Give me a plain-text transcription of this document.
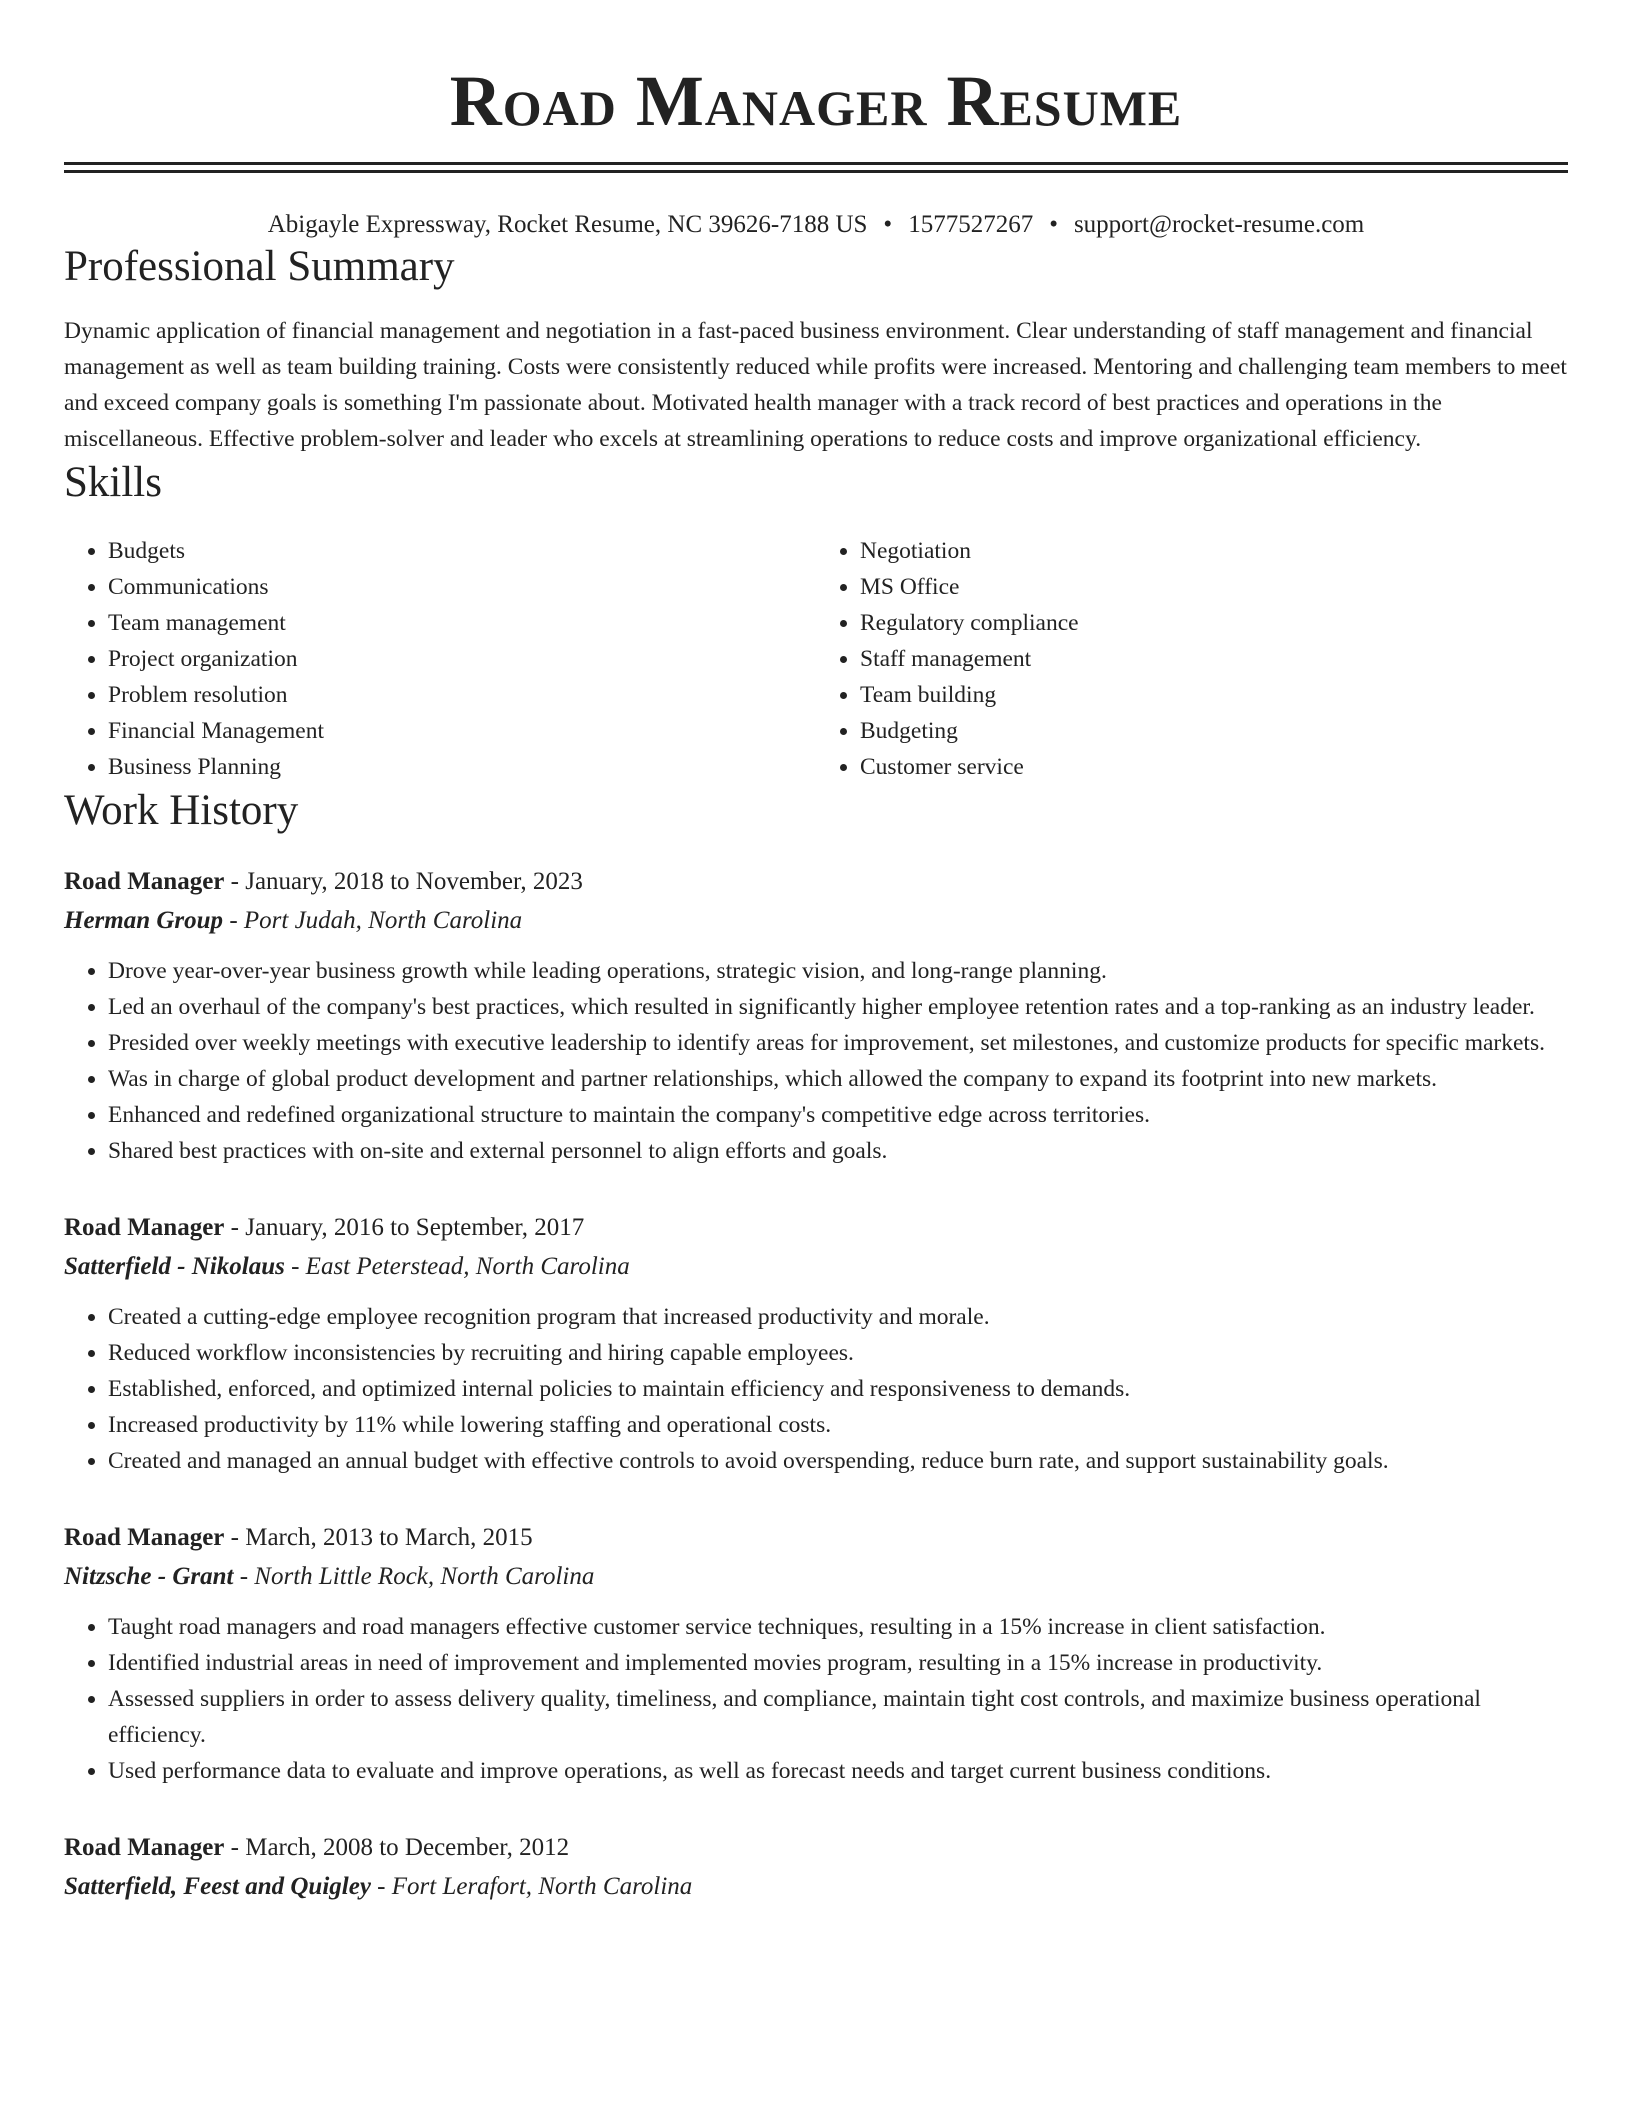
Road Manager Resume
Abigayle Expressway, Rocket Resume, NC 39626-7188 US • 1577527267 • support@rocket-resume.com
Professional Summary

Dynamic application of financial management and negotiation in a fast-paced business environment. Clear understanding of staff management and financial management as well as team building training. Costs were consistently reduced while profits were increased. Mentoring and challenging team members to meet and exceed company goals is something I'm passionate about. Motivated health manager with a track record of best practices and operations in the miscellaneous. Effective problem-solver and leader who excels at streamlining operations to reduce costs and improve organizational efficiency.

Skills
• Budgets
• Communications
• Team management
• Project organization
• Problem resolution
• Financial Management
• Business Planning
• Negotiation
• MS Office
• Regulatory compliance
• Staff management
• Team building
• Budgeting
• Customer service
Work History
Road Manager - January, 2018 to November, 2023
Herman Group - Port Judah, North Carolina
• Drove year-over-year business growth while leading operations, strategic vision, and long-range planning.
• Led an overhaul of the company's best practices, which resulted in significantly higher employee retention rates and a top-ranking as an industry leader.
• Presided over weekly meetings with executive leadership to identify areas for improvement, set milestones, and customize products for specific markets.
• Was in charge of global product development and partner relationships, which allowed the company to expand its footprint into new markets.
• Enhanced and redefined organizational structure to maintain the company's competitive edge across territories.
• Shared best practices with on-site and external personnel to align efforts and goals.
Road Manager - January, 2016 to September, 2017
Satterfield - Nikolaus - East Peterstead, North Carolina
• Created a cutting-edge employee recognition program that increased productivity and morale.
• Reduced workflow inconsistencies by recruiting and hiring capable employees.
• Established, enforced, and optimized internal policies to maintain efficiency and responsiveness to demands.
• Increased productivity by 11% while lowering staffing and operational costs.
• Created and managed an annual budget with effective controls to avoid overspending, reduce burn rate, and support sustainability goals.
Road Manager - March, 2013 to March, 2015
Nitzsche - Grant - North Little Rock, North Carolina
• Taught road managers and road managers effective customer service techniques, resulting in a 15% increase in client satisfaction.
• Identified industrial areas in need of improvement and implemented movies program, resulting in a 15% increase in productivity.
• Assessed suppliers in order to assess delivery quality, timeliness, and compliance, maintain tight cost controls, and maximize business operational efficiency.
• Used performance data to evaluate and improve operations, as well as forecast needs and target current business conditions.
Road Manager - March, 2008 to December, 2012
Satterfield, Feest and Quigley - Fort Lerafort, North Carolina
